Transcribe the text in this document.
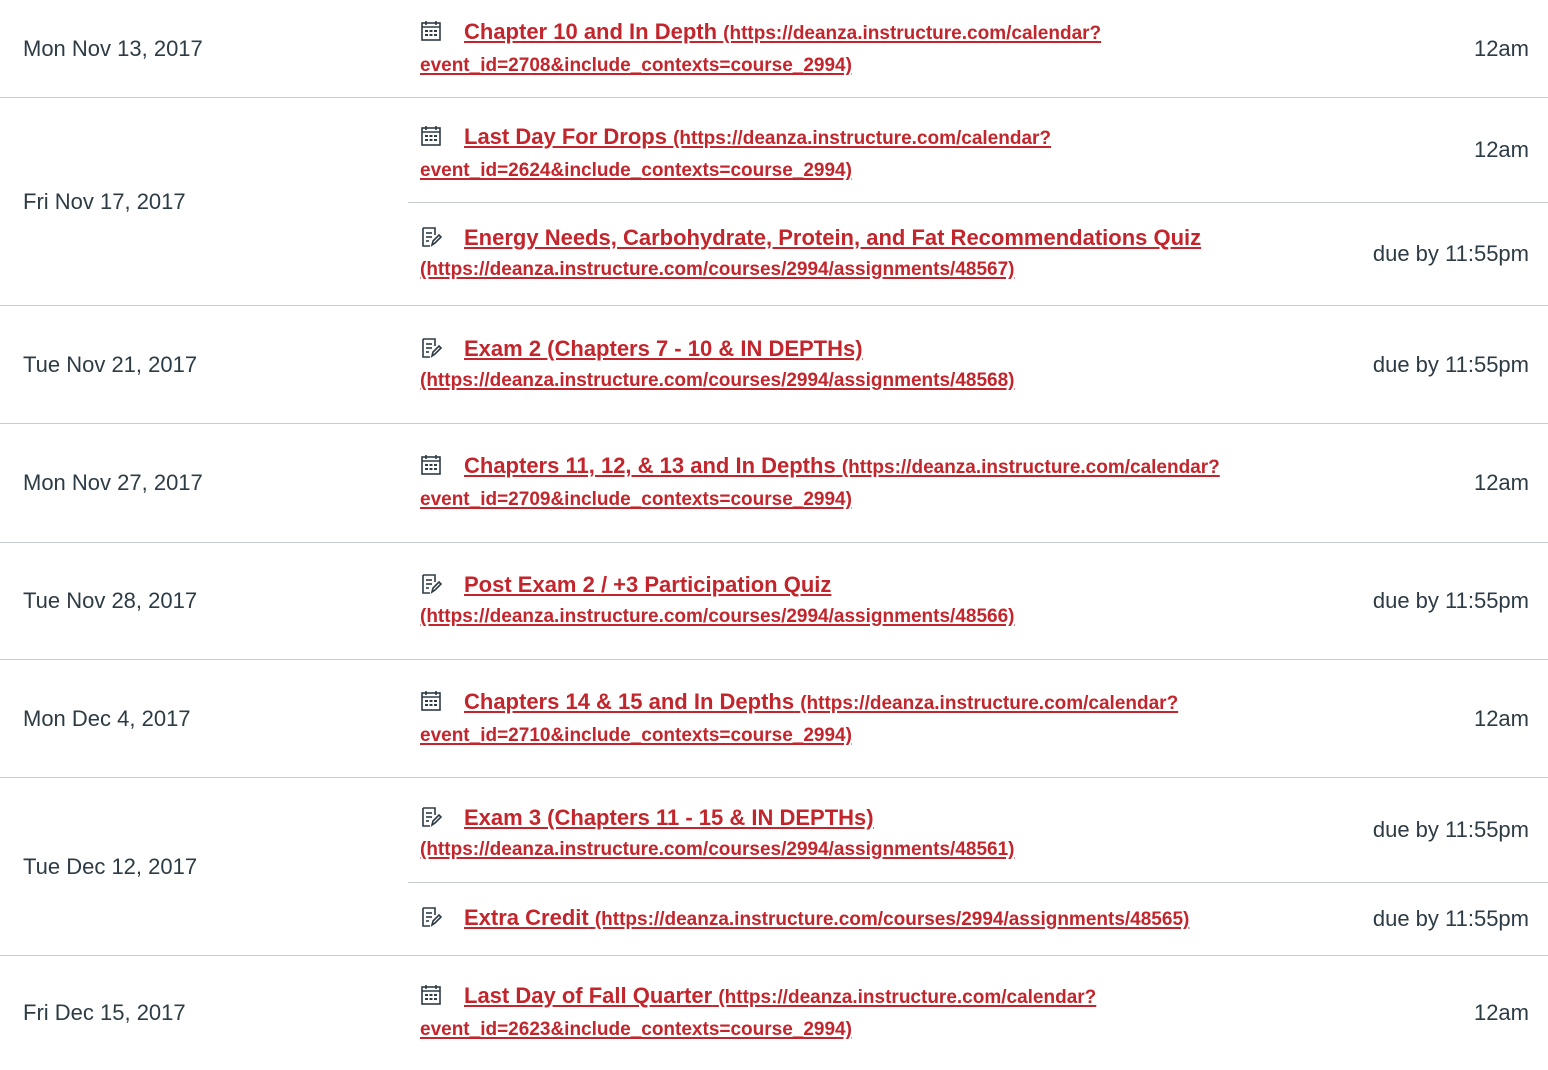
Mon Nov 13, 2017
Chapter 10 and In Depth (https://deanza.instructure.com/calendar?event_id=2708&include_contexts=course_2994)
12am
Fri Nov 17, 2017
Last Day For Drops (https://deanza.instructure.com/calendar?event_id=2624&include_contexts=course_2994)
12am
Energy Needs, Carbohydrate, Protein, and Fat Recommendations Quiz (https://deanza.instructure.com/courses/2994/assignments/48567)
due by 11:55pm
Tue Nov 21, 2017
Exam 2 (Chapters 7 - 10 & IN DEPTHs)
(https://deanza.instructure.com/courses/2994/assignments/48568)
due by 11:55pm
Mon Nov 27, 2017
Chapters 11, 12, & 13 and In Depths (https://deanza.instructure.com/calendar?event_id=2709&include_contexts=course_2994)
12am
Tue Nov 28, 2017
Post Exam 2 / +3 Participation Quiz
(https://deanza.instructure.com/courses/2994/assignments/48566)
due by 11:55pm
Mon Dec 4, 2017
Chapters 14 & 15 and In Depths (https://deanza.instructure.com/calendar?event_id=2710&include_contexts=course_2994)
12am
Tue Dec 12, 2017
Exam 3 (Chapters 11 - 15 & IN DEPTHs)
(https://deanza.instructure.com/courses/2994/assignments/48561)
due by 11:55pm
Extra Credit (https://deanza.instructure.com/courses/2994/assignments/48565)	due by 11:55pm
Fri Dec 15, 2017
Last Day of Fall Quarter (https://deanza.instructure.com/calendar?event_id=2623&include_contexts=course_2994)
12am
